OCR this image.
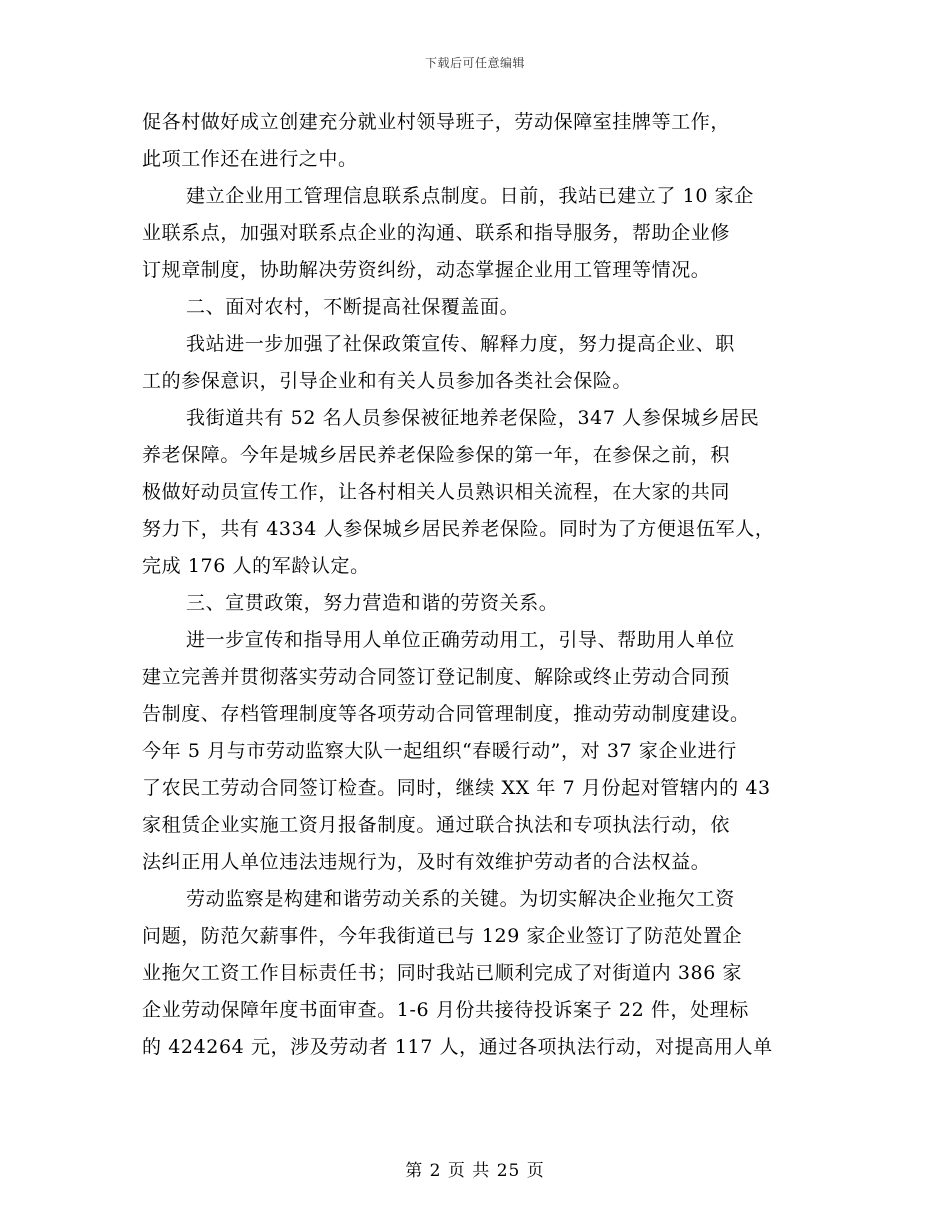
下载后可任意编辑
促各村做好成立创建充分就业村领导班子，劳动保障室挂牌等工作，
此项工作还在进行之中。
建立企业用工管理信息联系点制度。日前，我站已建立了 10 家企
业联系点，加强对联系点企业的沟通、联系和指导服务，帮助企业修
订规章制度，协助解决劳资纠纷，动态掌握企业用工管理等情况。
二、面对农村，不断提高社保覆盖面。
我站进一步加强了社保政策宣传、解释力度，努力提高企业、职
工的参保意识，引导企业和有关人员参加各类社会保险。
我街道共有 52 名人员参保被征地养老保险，347 人参保城乡居民
养老保障。今年是城乡居民养老保险参保的第一年，在参保之前，积
极做好动员宣传工作，让各村相关人员熟识相关流程，在大家的共同
努力下，共有 4334 人参保城乡居民养老保险。同时为了方便退伍军人，
完成 176 人的军龄认定。
三、宣贯政策，努力营造和谐的劳资关系。
进一步宣传和指导用人单位正确劳动用工，引导、帮助用人单位
建立完善并贯彻落实劳动合同签订登记制度、解除或终止劳动合同预
告制度、存档管理制度等各项劳动合同管理制度，推动劳动制度建设。
今年 5 月与市劳动监察大队一起组织“春暖行动”，对 37 家企业进行
了农民工劳动合同签订检查。同时，继续 XX 年 7 月份起对管辖内的 43
家租赁企业实施工资月报备制度。通过联合执法和专项执法行动，依
法纠正用人单位违法违规行为，及时有效维护劳动者的合法权益。
劳动监察是构建和谐劳动关系的关键。为切实解决企业拖欠工资
问题，防范欠薪事件，今年我街道已与 129 家企业签订了防范处置企
业拖欠工资工作目标责任书；同时我站已顺利完成了对街道内 386 家
企业劳动保障年度书面审查。1-6 月份共接待投诉案子 22 件，处理标
的 424264 元，涉及劳动者 117 人，通过各项执法行动，对提高用人单
第 2 页 共 25 页
